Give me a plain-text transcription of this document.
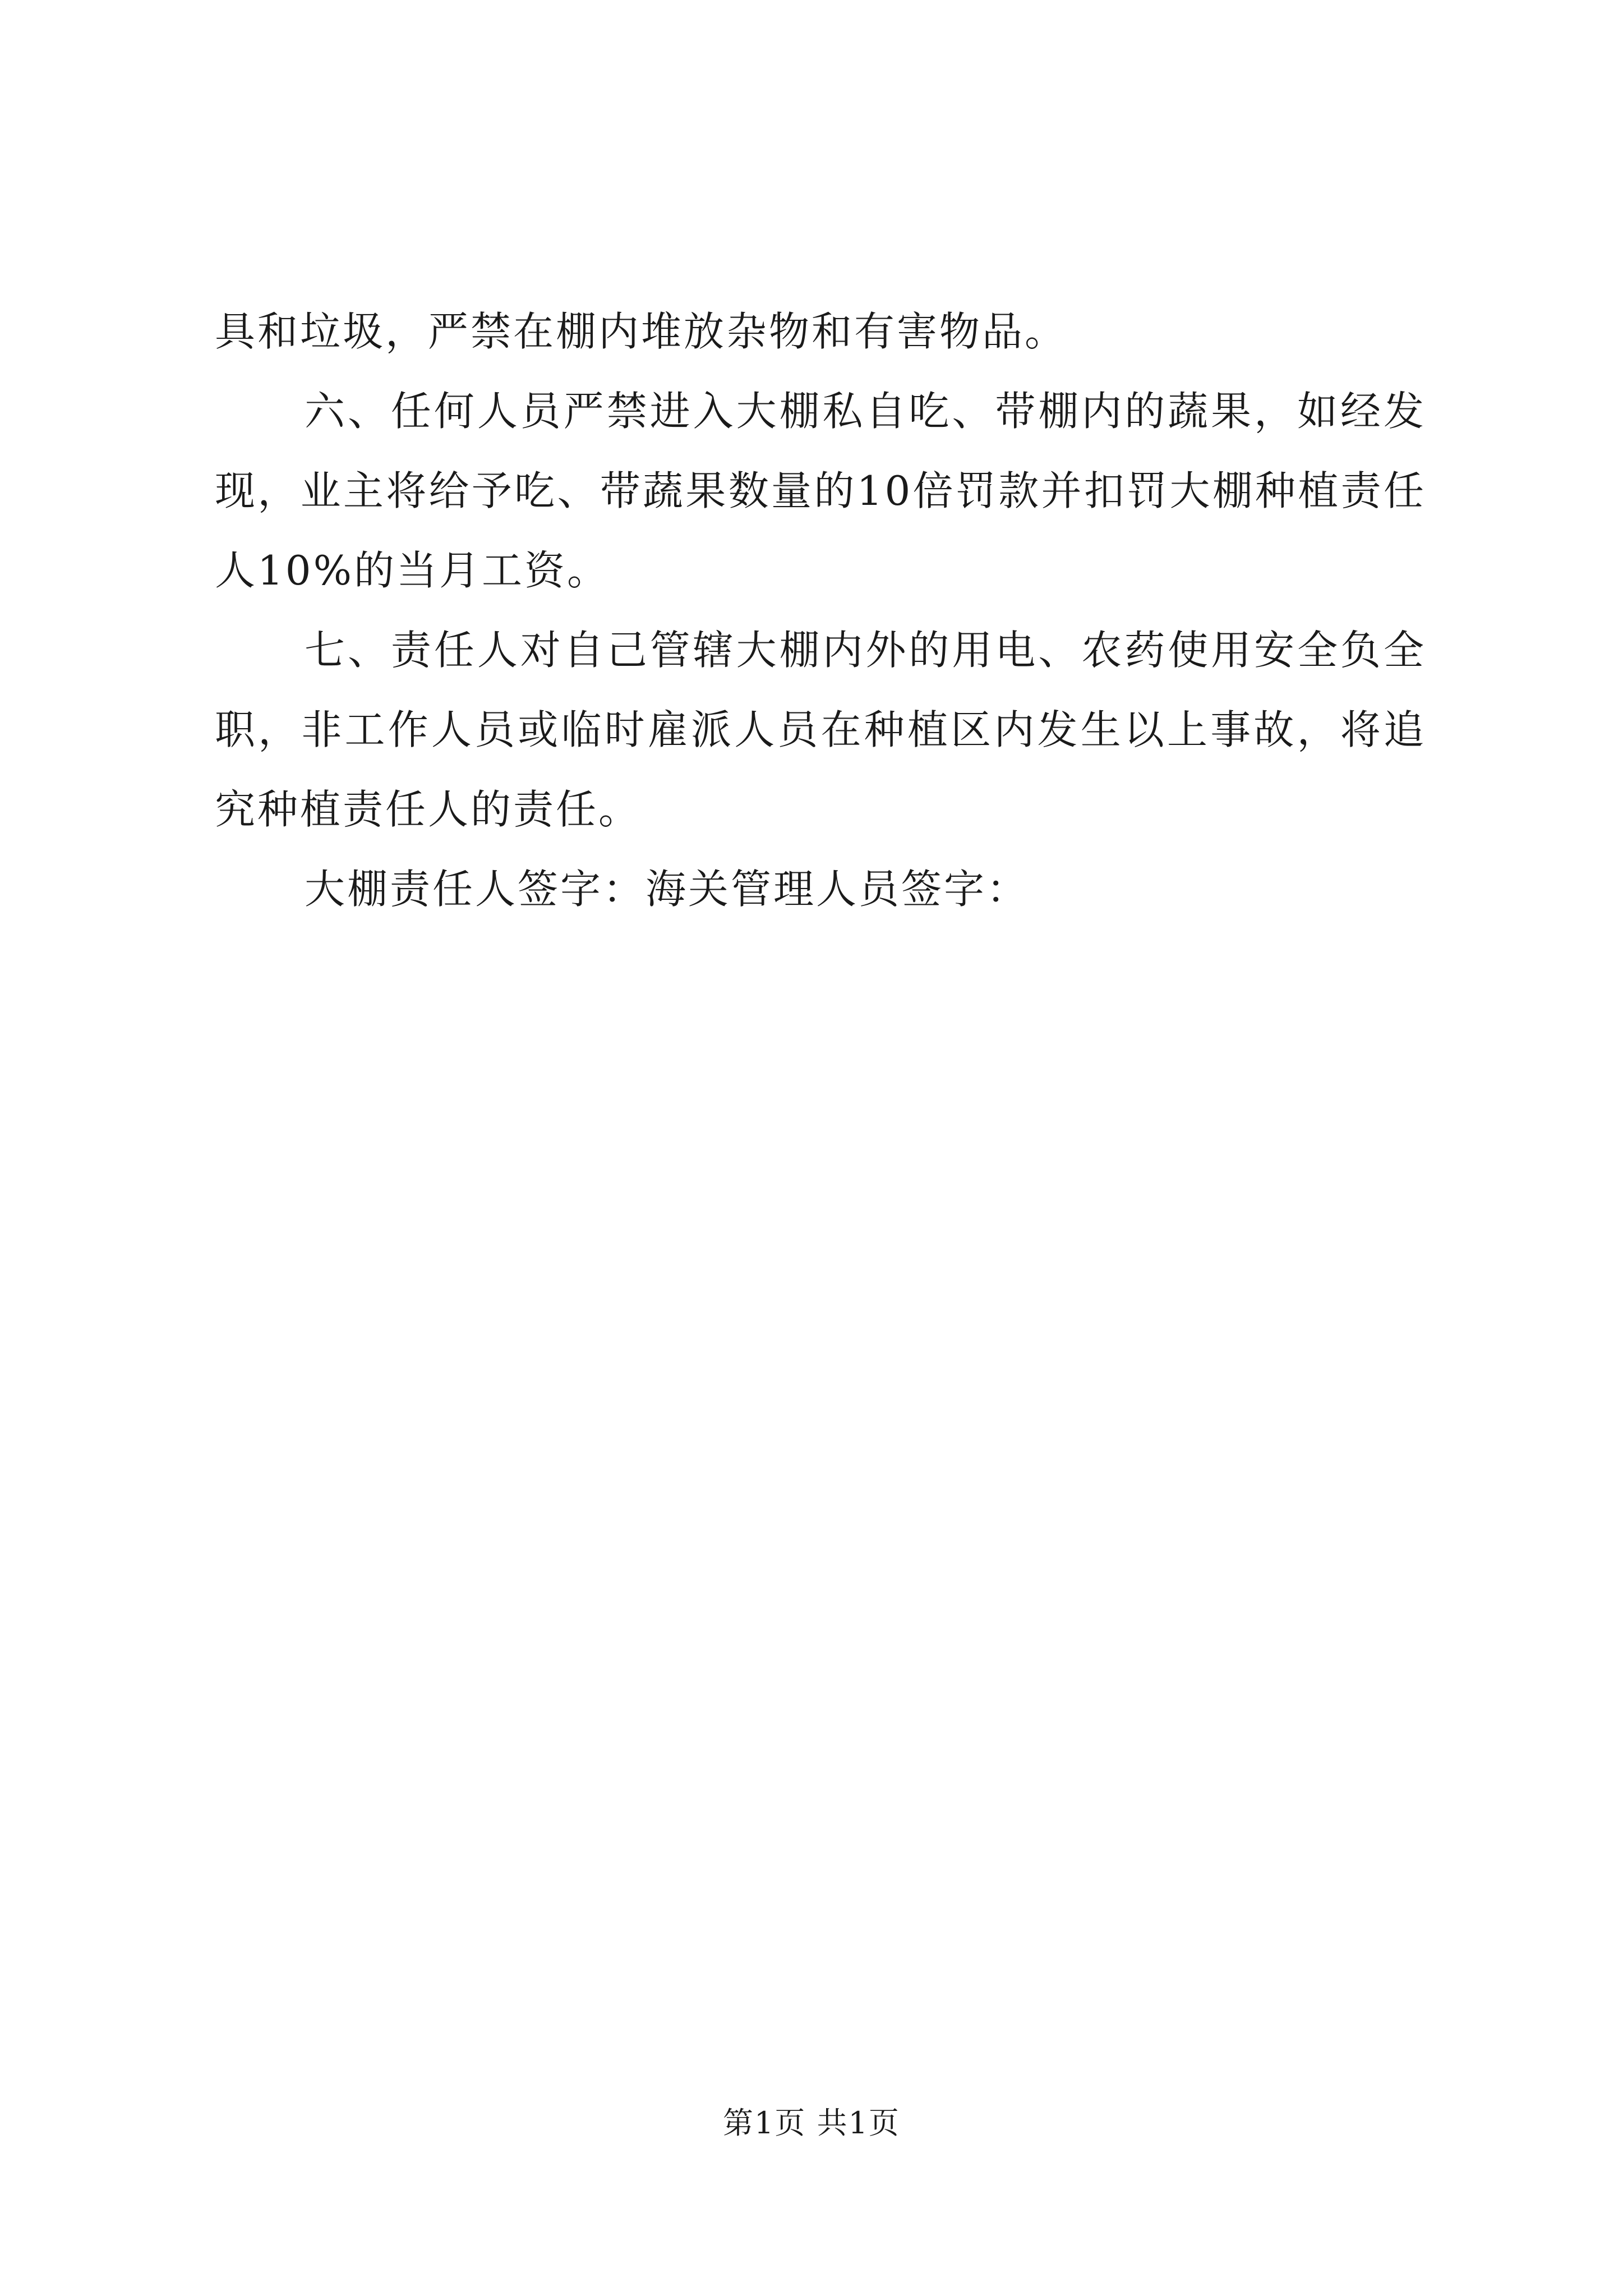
具和垃圾，严禁在棚内堆放杂物和有害物品。

六、任何人员严禁进入大棚私自吃、带棚内的蔬果，如经发现，业主将给予吃、带蔬果数量的10倍罚款并扣罚大棚种植责任人10%的当月工资。

七、责任人对自己管辖大棚内外的用电、农药使用安全负全职，非工作人员或临时雇派人员在种植区内发生以上事故，将追究种植责任人的责任。

大棚责任人签字：海关管理人员签字：

第1页 共1页
